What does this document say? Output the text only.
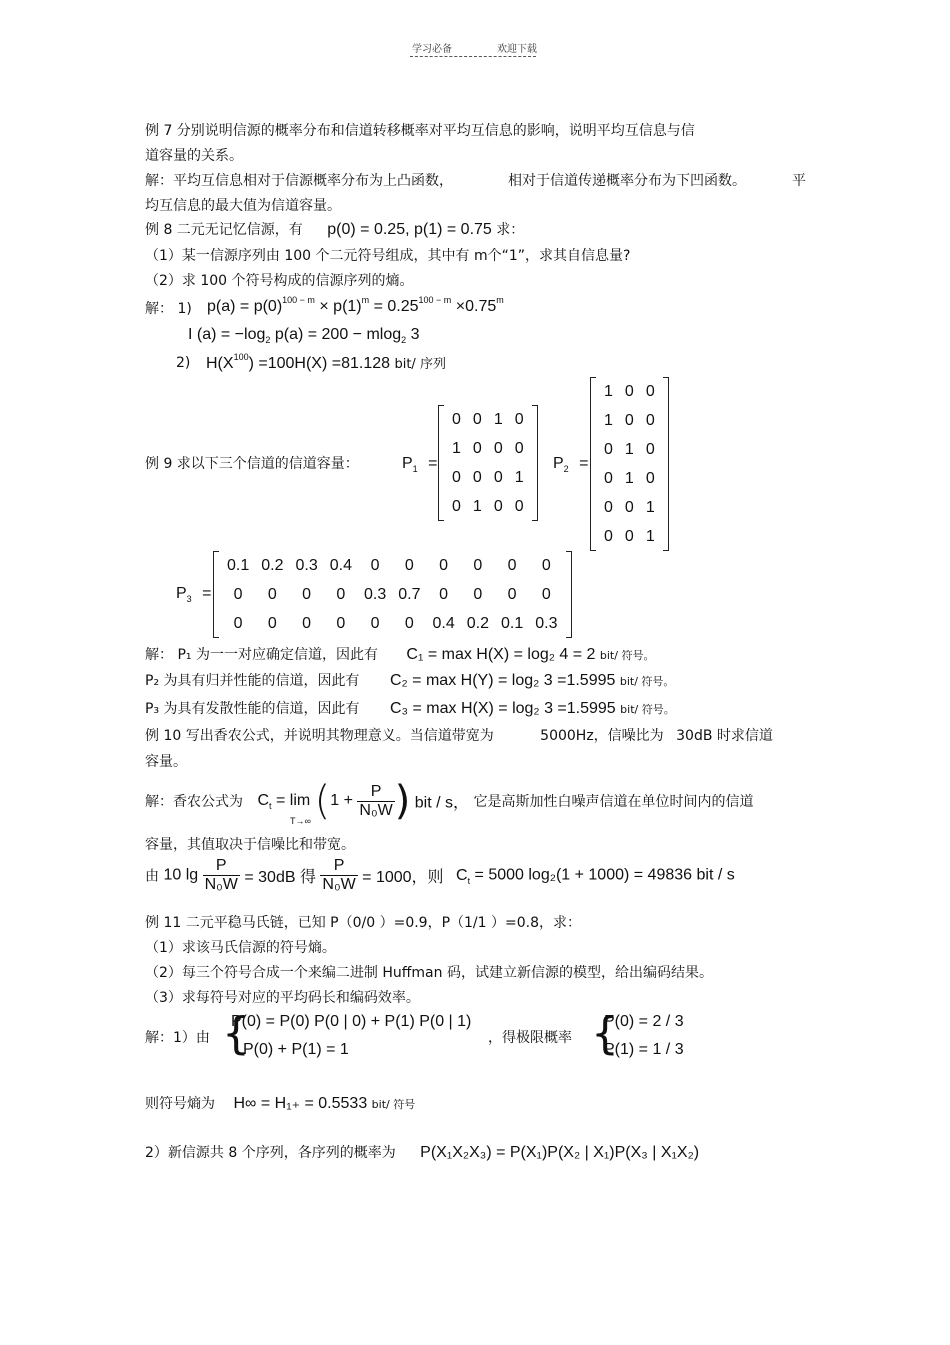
学习必备	欢迎下载
例 7 分别说明信源的概率分布和信道转移概率对平均互信息的影响，说明平均互信息与信
道容量的关系。
解：平均互信息相对于信源概率分布为上凸函数，	相对于信道传递概率分布为下凹函数。	平
均互信息的最大值为信道容量。
例 8 二元无记忆信源，有 p(0) = 0.25, p(1) = 0.75 求：
（1）某一信源序列由 100 个二元符号组成，其中有 m个“1”，求其自信息量?
（2）求 100 个符号构成的信源序列的熵。
解： 1) $p(a) = p(0)^{100 - m} \times p(1)^m = 0.25^{100 - m} \times 0.75^m$
I $(a) = -\log_2$ p(a) = 200 − mlog$_2$ 3
2) $H(X^{100}) =100H(X) =81.128$ bit/ 序列
例 9 求以下三个信道的信道容量：	$P_1$ =
0	0	1	0
1	0	0	0
0	0	0	1
0	1	0	0
$P_2$ =
1	0	0
1	0	0
0	1	0
0	1	0
0	0	1
0	0	1
$P_3$ =
0.1	0.2	0.3	0.4	0	0	0	0	0	0
0	0	0	0	0.3	0.7	0	0	0	0
0	0	0	0	0	0	0.4	0.2	0.1	0.3
解： P₁ 为一一对应确定信道，因此有 C₁ = max H(X) = log₂ 4 = 2 bit/ 符号。
P₂ 为具有归并性能的信道，因此有 C₂ = max H(Y) = log₂ 3 =1.5995 bit/ 符号。
P₃ 为具有发散性能的信道，因此有 C₃ = max H(X) = log₂ 3 =1.5995 bit/ 符号。
例 10 写出香农公式，并说明其物理意义。当信道带宽为	5000Hz，信噪比为 30dB 时求信道
容量。
解：香农公式为 $C_t = \lim$

T→∞ ($1 + \frac{P}{\text{N₀W}}$ ) bit / s， 它是高斯加性白噪声信道在单位时间内的信道
容量，其值取决于信噪比和带宽。
由 10 $\lg \frac{P}{\text{N₀W}} = 30dB$ 得 $\frac{P}{\text{N₀W}} = 1000$，则 $C_t = 5000$ log₂(1 + 1000) = 49836 bit / s
例 11 二元平稳马氏链，已知 P（0/0 ）=0.9，P（1/1 ）=0.8，求：
（1）求该马氏信源的符号熵。
（2）每三个符号合成一个来编二进制 Huffman 码，试建立新信源的模型，给出编码结果。
（3）求每符号对应的平均码长和编码效率。
解：1）由 {
P(0) = P(0) P(0 | 0) + P(1) P(0 | 1)
P(0) + P(1) = 1
，得极限概率 {
P(0) = 2 / 3
P(1) = 1 / 3
则符号熵为 H∞ = H₁₊ = 0.5533 bit/ 符号
2）新信源共 8 个序列，各序列的概率为 P(X₁X₂X₃) = P(X₁)P(X₂ | X₁)P(X₃ | X₁X₂)
